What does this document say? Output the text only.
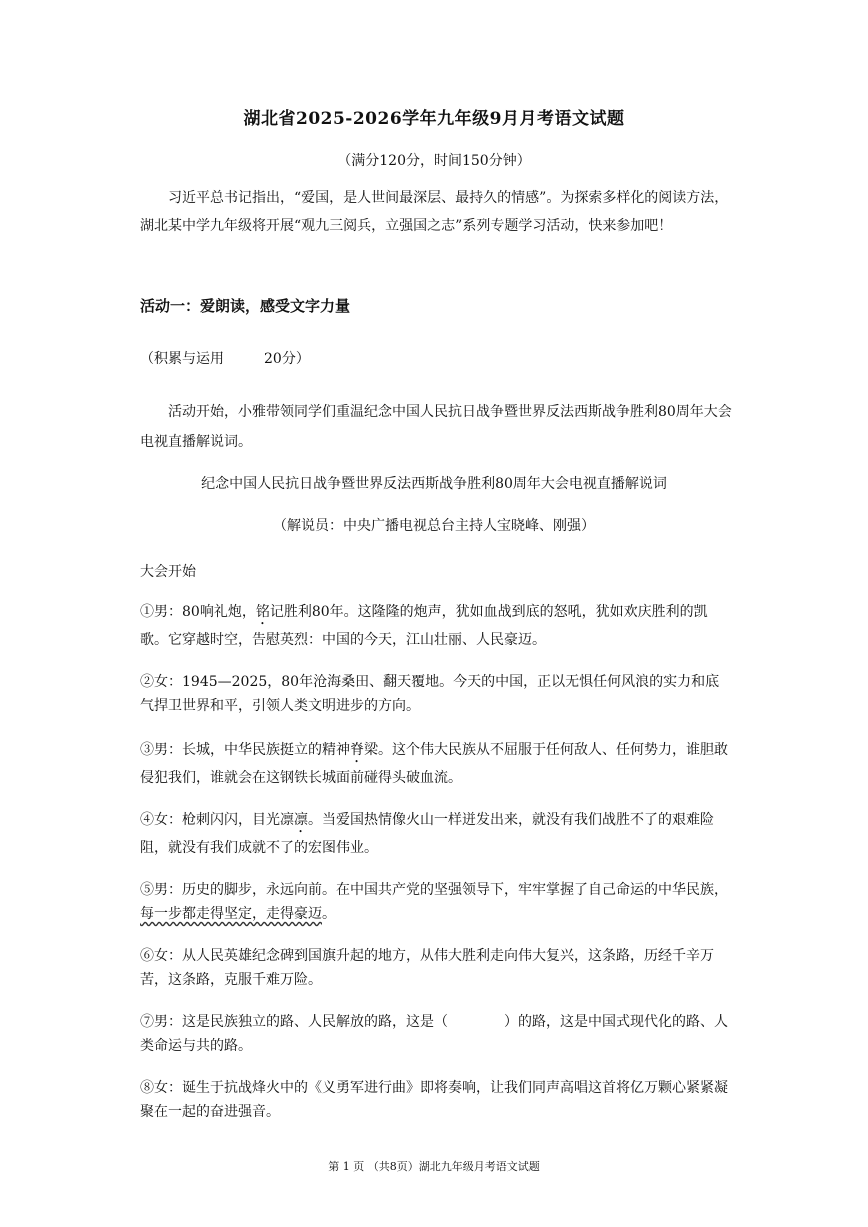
湖北省2025-2026学年九年级9月月考语文试题
（满分120分，时间150分钟）
习近平总书记指出，“爱国，是人世间最深层、最持久的情感”。为探索多样化的阅读方法，湖北某中学九年级将开展“观九三阅兵，立强国之志”系列专题学习活动，快来参加吧！
活动一：爱朗读，感受文字力量
（积累与运用	20分）
活动开始，小雅带领同学们重温纪念中国人民抗日战争暨世界反法西斯战争胜利80周年大会电视直播解说词。
纪念中国人民抗日战争暨世界反法西斯战争胜利80周年大会电视直播解说词
（解说员：中央广播电视总台主持人宝晓峰、刚强）
大会开始
①男：80响礼炮，铭记胜利80年。这隆隆的炮声，犹如血战到底的怒吼，犹如欢庆胜利的凯歌。它穿越时空，告慰英烈：中国的今天，江山壮丽、人民豪迈。
②女：1945—2025，80年沧海桑田、翻天覆地。今天的中国，正以无惧任何风浪的实力和底气捍卫世界和平，引领人类文明进步的方向。
③男：长城，中华民族挺立的精神脊梁。这个伟大民族从不屈服于任何敌人、任何势力，谁胆敢侵犯我们，谁就会在这钢铁长城面前碰得头破血流。
④女：枪刺闪闪，目光凛凛。当爱国热情像火山一样迸发出来，就没有我们战胜不了的艰难险阻，就没有我们成就不了的宏图伟业。
⑤男：历史的脚步，永远向前。在中国共产党的坚强领导下，牢牢掌握了自己命运的中华民族，每一步都走得坚定，走得豪迈。
⑥女：从人民英雄纪念碑到国旗升起的地方，从伟大胜利走向伟大复兴，这条路，历经千辛万苦，这条路，克服千难万险。
⑦男：这是民族独立的路、人民解放的路，这是（	）的路，这是中国式现代化的路、人类命运与共的路。
⑧女：诞生于抗战烽火中的《义勇军进行曲》即将奏响，让我们同声高唱这首将亿万颗心紧紧凝聚在一起的奋进强音。
第 1 页 （共8页）湖北九年级月考语文试题
